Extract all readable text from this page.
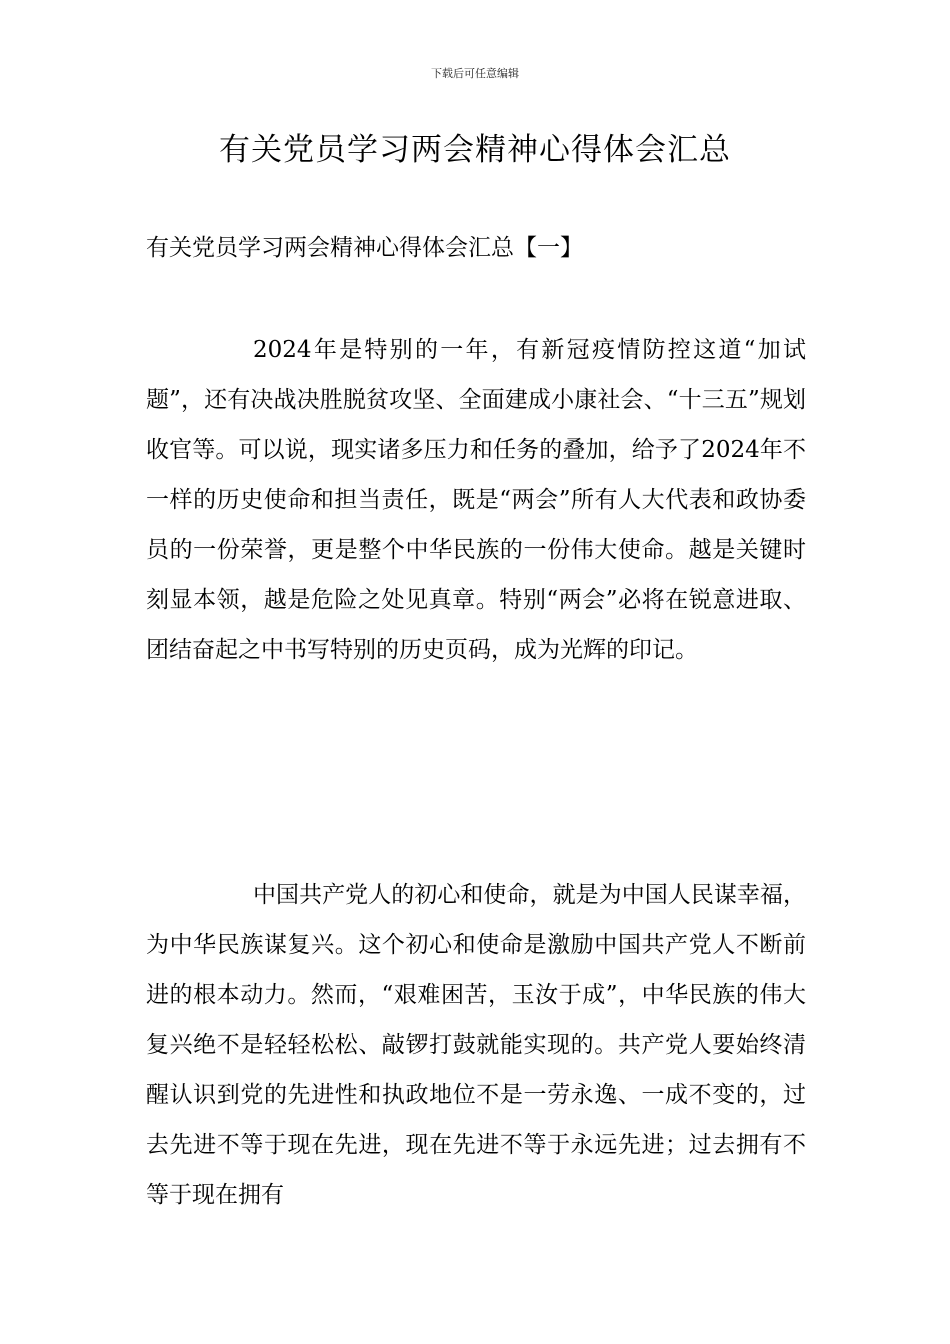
下载后可任意编辑
有关党员学习两会精神心得体会汇总
有关党员学习两会精神心得体会汇总【一】

2024年是特别的一年，有新冠疫情防控这道“加试题”，还有决战决胜脱贫攻坚、全面建成小康社会、“十三五”规划收官等。可以说，现实诸多压力和任务的叠加，给予了2024年不一样的历史使命和担当责任，既是“两会”所有人大代表和政协委员的一份荣誉，更是整个中华民族的一份伟大使命。越是关键时刻显本领，越是危险之处见真章。特别“两会”必将在锐意进取、团结奋起之中书写特别的历史页码，成为光辉的印记。

中国共产党人的初心和使命，就是为中国人民谋幸福，为中华民族谋复兴。这个初心和使命是激励中国共产党人不断前进的根本动力。然而，“艰难困苦，玉汝于成”，中华民族的伟大复兴绝不是轻轻松松、敲锣打鼓就能实现的。共产党人要始终清醒认识到党的先进性和执政地位不是一劳永逸、一成不变的，过去先进不等于现在先进，现在先进不等于永远先进；过去拥有不等于现在拥有
